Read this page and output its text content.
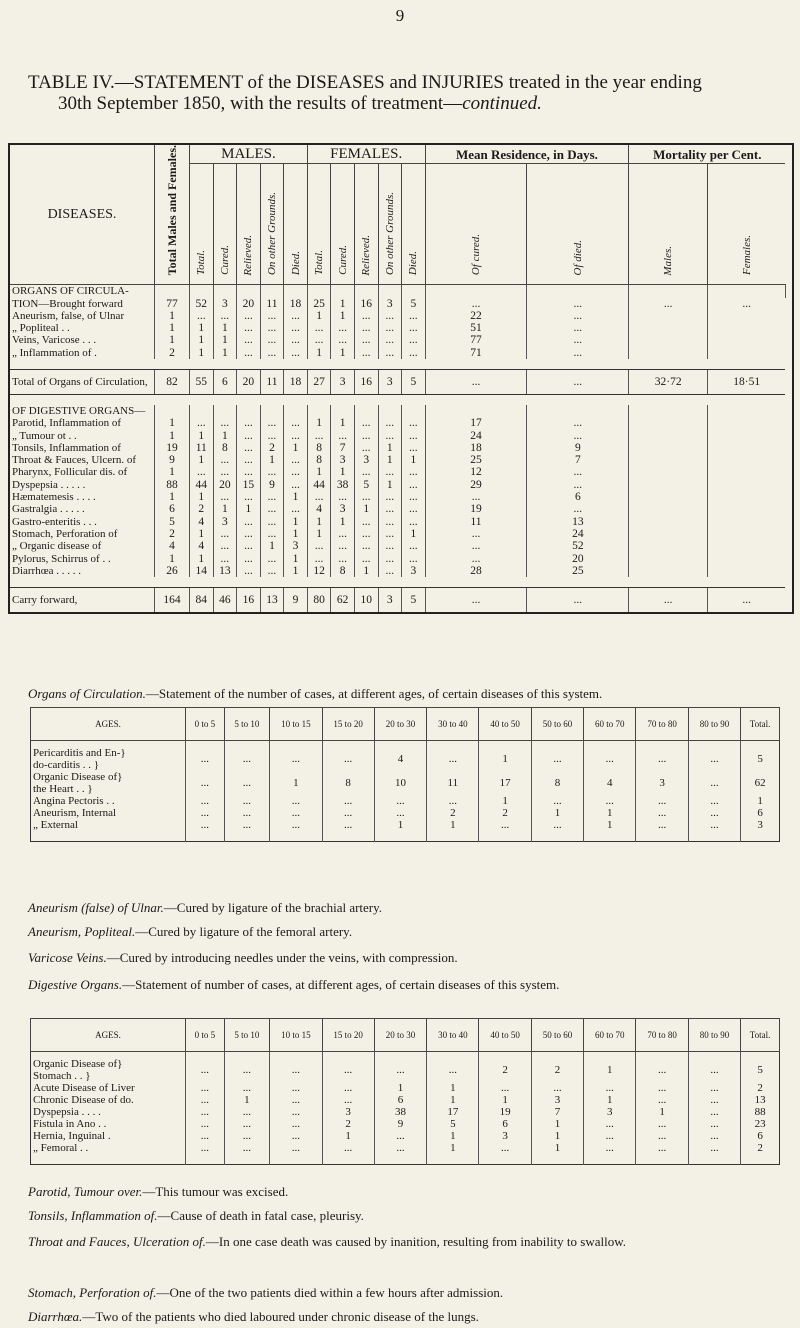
9
TABLE IV.—STATEMENT of the DISEASES and INJURIES treated in the year ending
30th September 1850, with the results of treatment—continued.
DISEASES.	Total Males and Females.	MALES.					FEMALES.					Mean Residence, in Days.		Mortality per Cent.		
		Total.	Cured.	Relieved.	On other Grounds.	Died.	Total.	Cured.	Relieved.	On other Grounds.	Died.	Of cured.	Of died.	Males.	Females.	
ORGANS OF CIRCULA-																
TION—Brought forward	77	52	3	20	11	18	25	1	16	3	5	...	...	...	...	
Aneurism, false, of Ulnar	1	...	...	...	...	...	1	1	...	...	...	22	...			
„ Popliteal . .	1	1	1	...	...	...	...	...	...	...	...	51	...			
Veins, Varicose . . .	1	1	1	...	...	...	...	...	...	...	...	77	...			
„ Inflammation of .	2	1	1	...	...	...	1	1	...	...	...	71	...			

Total of Organs of Circulation,	82	55	6	20	11	18	27	3	16	3	5	...	...	32·72	18·51	

OF DIGESTIVE ORGANS—																
Parotid, Inflammation of	1	...	...	...	...	...	1	1	...	...	...	17	...			
„ Tumour ot . .	1	1	1	...	...	...	...	...	...	...	...	24	...			
Tonsils, Inflammation of	19	11	8	...	2	1	8	7	...	1	...	18	9			
Throat & Fauces, Ulcern. of	9	1	...	...	1	...	8	3	3	1	1	25	7			
Pharynx, Follicular dis. of	1	...	...	...	...	...	1	1	...	...	...	12	...			
Dyspepsia . . . . .	88	44	20	15	9	...	44	38	5	1	...	29	...			
Hæmatemesis . . . .	1	1	...	...	...	1	...	...	...	...	...	...	6			
Gastralgia . . . . .	6	2	1	1	...	...	4	3	1	...	...	19	...			
Gastro-enteritis . . .	5	4	3	...	...	1	1	1	...	...	...	11	13			
Stomach, Perforation of	2	1	...	...	...	1	1	...	...	...	1	...	24			
„ Organic disease of	4	4	...	...	1	3	...	...	...	...	...	...	52			
Pylorus, Schirrus of . .	1	1	...	...	...	1	...	...	...	...	...	...	20			
Diarrhœa . . . . .	26	14	13	...	...	1	12	8	1	...	3	28	25			

Carry forward,	164	84	46	16	13	9	80	62	10	3	5	...	...	...	...	
Organs of Circulation.—Statement of the number of cases, at different ages, of certain diseases of this system.
AGES.	0 to 5	5 to 10	10 to 15	15 to 20	20 to 30	30 to 40	40 to 50	50 to 60	60 to 70	70 to 80	80 to 90	Total.

Pericarditis and En-}
do-carditis . . }	...	...	...	...	4	...	1	...	...	...	...	5

Organic Disease of}
the Heart . . }	...	...	1	8	10	11	17	8	4	3	...	62

Angina Pectoris . .	...	...	...	...	...	...	1	...	...	...	...	1

Aneurism, Internal	...	...	...	...	...	2	2	1	1	...	...	6

„ External	...	...	...	...	1	1	...	...	1	...	...	3
Aneurism (false) of Ulnar.—Cured by ligature of the brachial artery.
Aneurism, Popliteal.—Cured by ligature of the femoral artery.
Varicose Veins.—Cured by introducing needles under the veins, with compression.
Digestive Organs.—Statement of number of cases, at different ages, of certain diseases of this system.
AGES.	0 to 5	5 to 10	10 to 15	15 to 20	20 to 30	30 to 40	40 to 50	50 to 60	60 to 70	70 to 80	80 to 90	Total.

Organic Disease of}
Stomach . . }	...	...	...	...	...	...	2	2	1	...	...	5

Acute Disease of Liver	...	...	...	...	1	1	...	...	...	...	...	2

Chronic Disease of do.	...	1	...	...	6	1	1	3	1	...	...	13

Dyspepsia . . . .	...	...	...	3	38	17	19	7	3	1	...	88

Fistula in Ano . .	...	...	...	2	9	5	6	1	...	...	...	23

Hernia, Inguinal .	...	...	...	1	...	1	3	1	...	...	...	6

„ Femoral . .	...	...	...	...	...	1	...	1	...	...	...	2
Parotid, Tumour over.—This tumour was excised.
Tonsils, Inflammation of.—Cause of death in fatal case, pleurisy.
Throat and Fauces, Ulceration of.—In one case death was caused by inanition, resulting from inability to swallow.
Stomach, Perforation of.—One of the two patients died within a few hours after admission.
Diarrhœa.—Two of the patients who died laboured under chronic disease of the lungs.
